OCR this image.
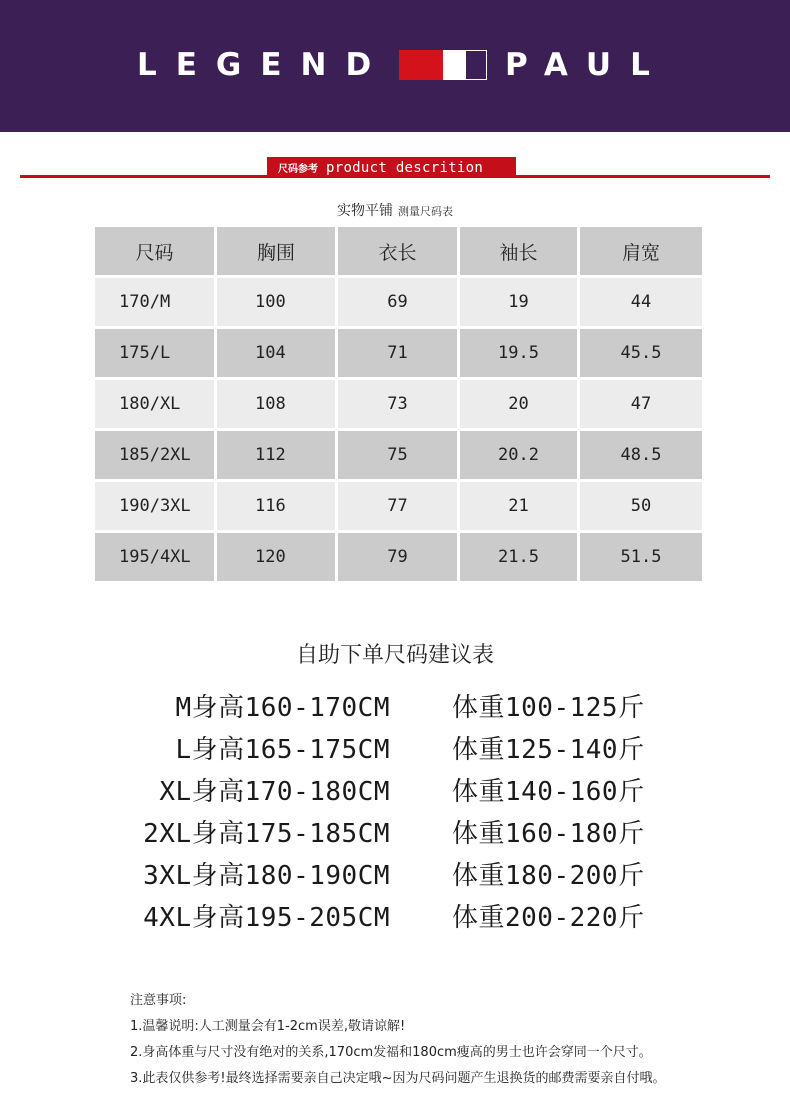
LEGEND	PAUL
尺码参考 product descrition
实物平铺 测量尺码表
尺码	胸围	衣长	袖长	肩宽
170/M	100	69	19	44
175/L	104	71	19.5	45.5
180/XL	108	73	20	47
185/2XL	112	75	20.2	48.5
190/3XL	116	77	21	50
195/4XL	120	79	21.5	51.5
自助下单尺码建议表
M身高160-170CM 体重100-125斤
L身高165-175CM 体重125-140斤
XL身高170-180CM 体重140-160斤
2XL身高175-185CM 体重160-180斤
3XL身高180-190CM 体重180-200斤
4XL身高195-205CM 体重200-220斤
注意事项:
1.温馨说明:人工测量会有1-2cm误差,敬请谅解!
2.身高体重与尺寸没有绝对的关系,170cm发福和180cm瘦高的男士也许会穿同一个尺寸。
3.此表仅供参考!最终选择需要亲自己决定哦~因为尺码问题产生退换货的邮费需要亲自付哦。
